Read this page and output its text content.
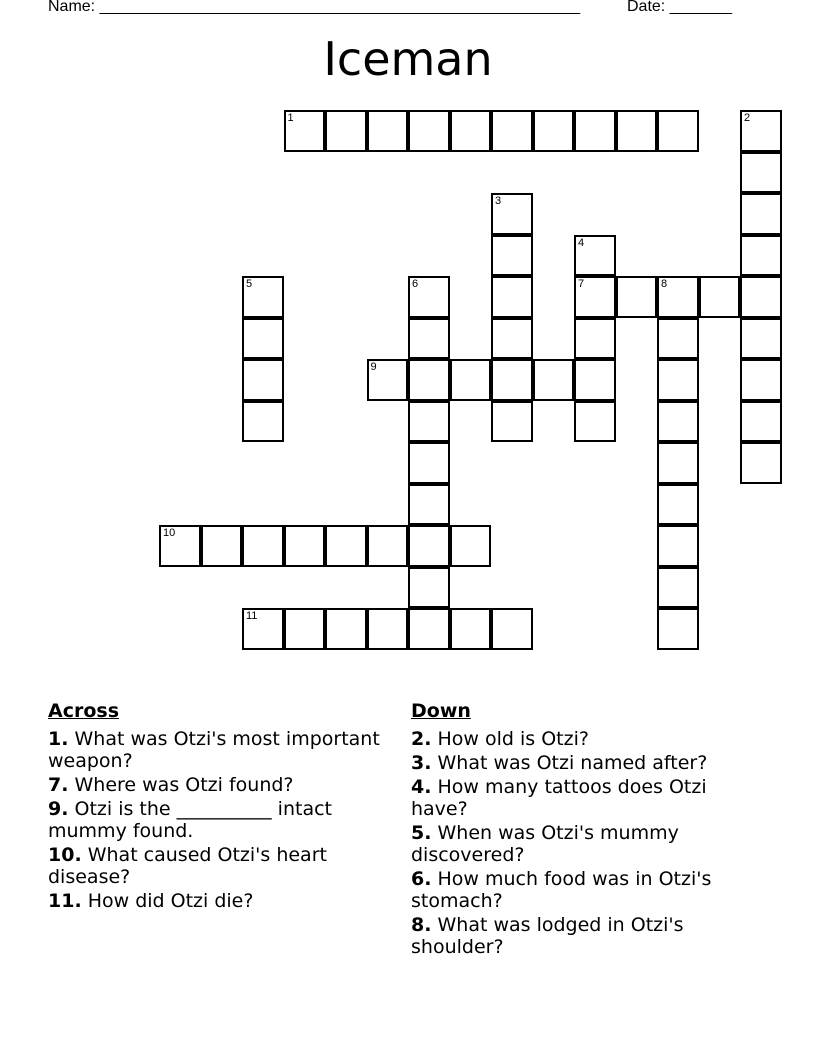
Name: ______________________________________________________	Date: _______
Iceman
1	2
3
4
7	8
5	6
9
10
11
Across
1. What was Otzi's most important weapon?
7. Where was Otzi found?
9. Otzi is the __________ intact mummy found.
10. What caused Otzi's heart disease?
11. How did Otzi die?
Down
2. How old is Otzi?
3. What was Otzi named after?
4. How many tattoos does Otzi have?
5. When was Otzi's mummy discovered?
6. How much food was in Otzi's stomach?
8. What was lodged in Otzi's shoulder?
